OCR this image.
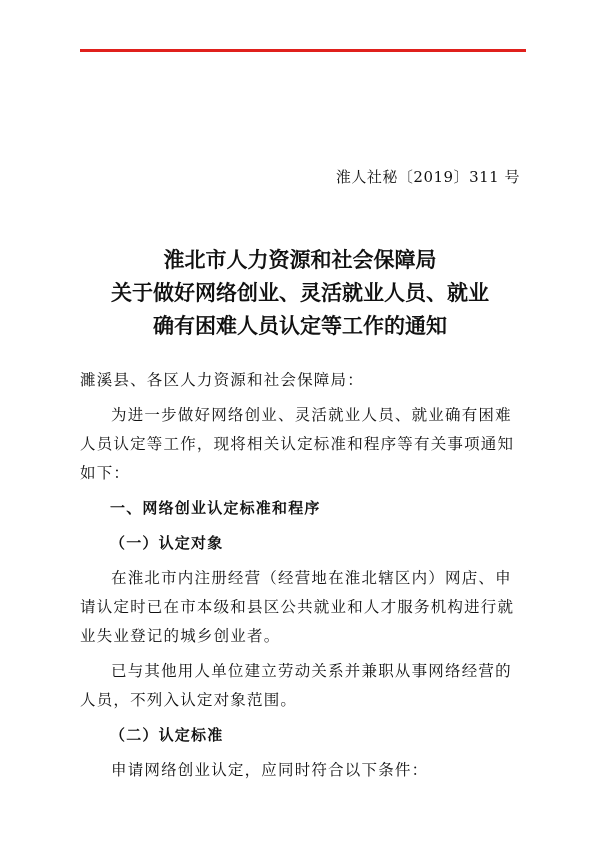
淮人社秘〔2019〕311 号
淮北市人力资源和社会保障局
关于做好网络创业、灵活就业人员、就业
确有困难人员认定等工作的通知

濉溪县、各区人力资源和社会保障局：

为进一步做好网络创业、灵活就业人员、就业确有困难人员认定等工作，现将相关认定标准和程序等有关事项通知如下：

一、网络创业认定标准和程序

（一）认定对象

在淮北市内注册经营（经营地在淮北辖区内）网店、申请认定时已在市本级和县区公共就业和人才服务机构进行就业失业登记的城乡创业者。

已与其他用人单位建立劳动关系并兼职从事网络经营的人员，不列入认定对象范围。

（二）认定标准

申请网络创业认定，应同时符合以下条件：
